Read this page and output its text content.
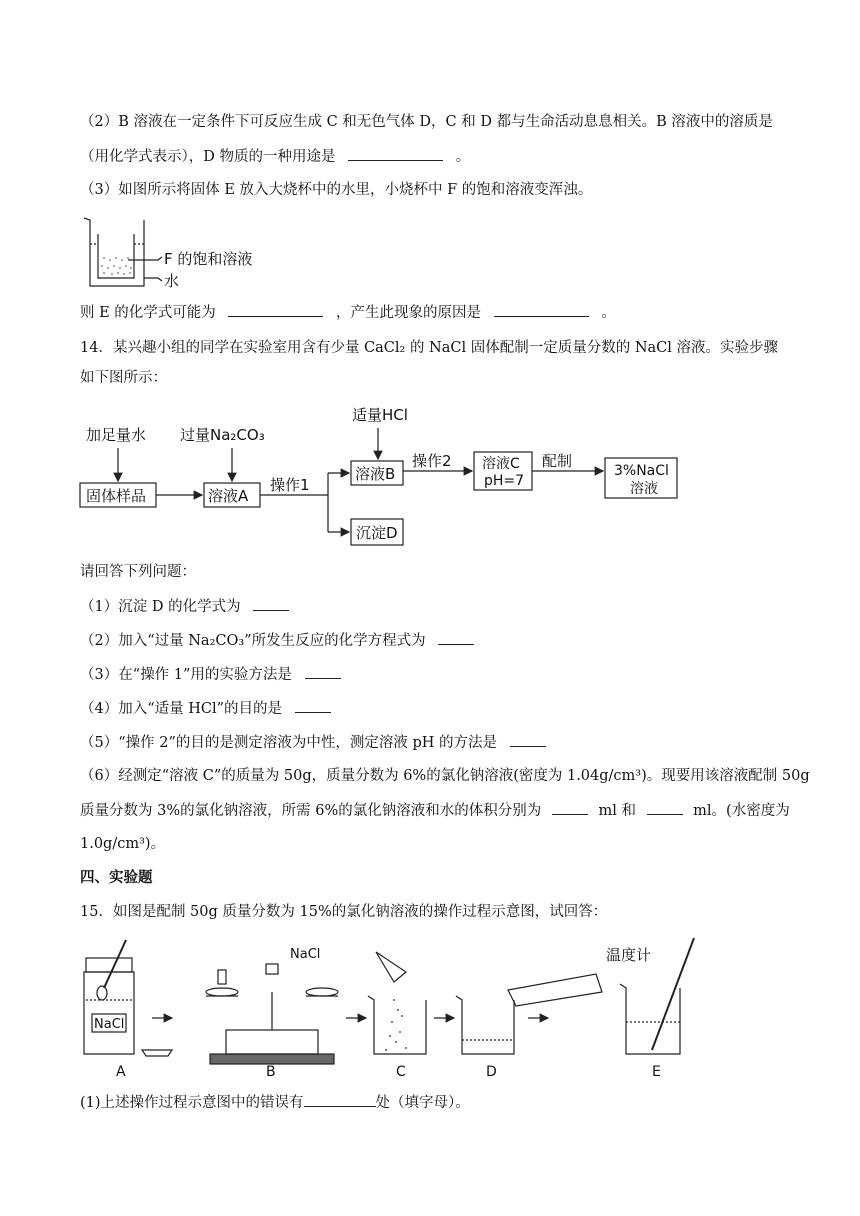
（2）B 溶液在一定条件下可反应生成 C 和无色气体 D，C 和 D 都与生命活动息息相关。B 溶液中的溶质是
（用化学式表示），D 物质的一种用途是	。
（3）如图所示将固体 E 放入大烧杯中的水里，小烧杯中 F 的饱和溶液变浑浊。
F 的饱和溶液
水
则 E 的化学式可能为	，产生此现象的原因是	。
14．某兴趣小组的同学在实验室用含有少量 CaCl₂ 的 NaCl 固体配制一定质量分数的 NaCl 溶液。实验步骤
如下图所示：
加足量水 过量Na₂CO₃
适量HCl
固体样品	溶液A
操作1
溶液B
操作2 溶液C
pH=7
配制
3%NaCl
溶液
沉淀D
请回答下列问题：
（1）沉淀 D 的化学式为
（2）加入“过量 Na₂CO₃”所发生反应的化学方程式为
（3）在“操作 1”用的实验方法是
（4）加入“适量 HCl”的目的是
（5）“操作 2”的目的是测定溶液为中性，测定溶液 pH 的方法是
（6）经测定“溶液 C”的质量为 50g，质量分数为 6%的氯化钠溶液(密度为 1.04g/cm³)。现要用该溶液配制 50g
质量分数为 3%的氯化钠溶液，所需 6%的氯化钠溶液和水的体积分别为	ml 和	ml。(水密度为
1.0g/cm³)。
四、实验题
15．如图是配制 50g 质量分数为 15%的氯化钠溶液的操作过程示意图，试回答：
NaCl
NaCl	温度计
A	B	C	D	E
(1)上述操作过程示意图中的错误有	处（填字母）。
